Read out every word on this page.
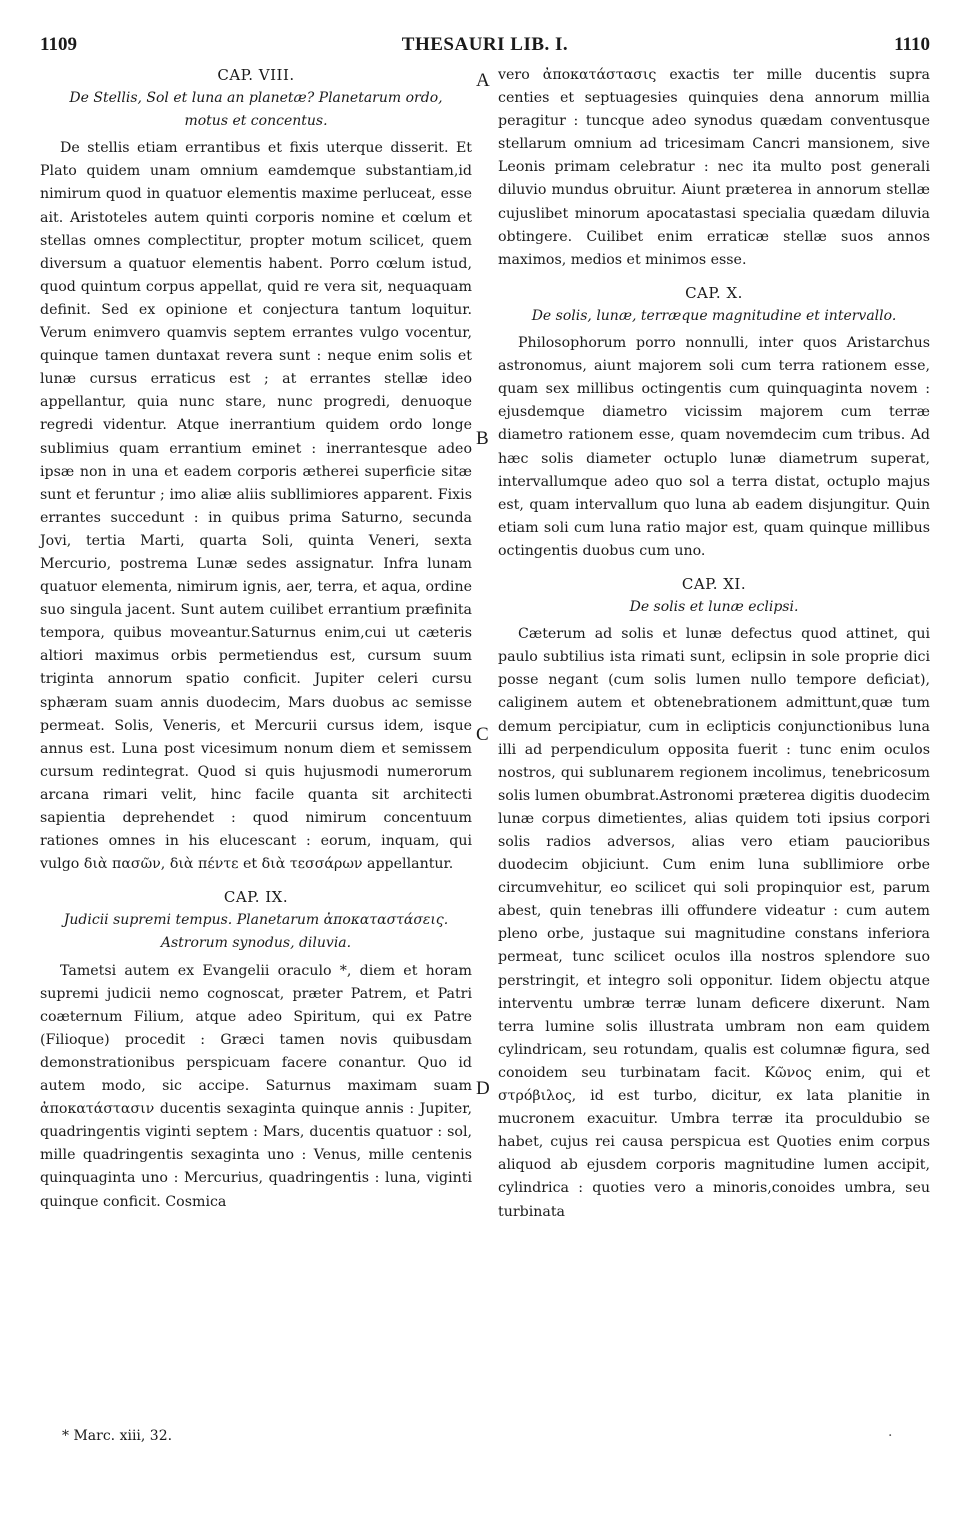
1109	THESAURI LIB. I.	1110

CAP. VIII.

De Stellis, Sol et luna an planetæ? Planetarum ordo, motus et concentus.

De stellis etiam errantibus et fixis uterque disserit. Et Plato quidem unam omnium eamdemque substantiam,id nimirum quod in quatuor elementis maxime perluceat, esse ait. Aristoteles autem quinti corporis nomine et cœlum et stellas omnes complectitur, propter motum scilicet, quem diversum a quatuor elementis habent. Porro cœlum istud, quod quintum corpus appellat, quid re vera sit, nequaquam definit. Sed ex opinione et conjectura tantum loquitur. Verum enimvero quamvis septem errantes vulgo vocentur, quinque tamen duntaxat revera sunt : neque enim solis et lunæ cursus erraticus est ; at errantes stellæ ideo appellantur, quia nunc stare, nunc progredi, denuoque regredi videntur. Atque inerrantium quidem ordo longe sublimius quam errantium eminet : inerrantesque adeo ipsæ non in una et eadem corporis ætherei superficie sitæ sunt et feruntur ; imo aliæ aliis subllimiores apparent. Fixis errantes succedunt : in quibus prima Saturno, secunda Jovi, tertia Marti, quarta Soli, quinta Veneri, sexta Mercurio, postrema Lunæ sedes assignatur. Infra lunam quatuor elementa, nimirum ignis, aer, terra, et aqua, ordine suo singula jacent. Sunt autem cuilibet errantium præfinita tempora, quibus moveantur.Saturnus enim,cui ut cæteris altiori maximus orbis permetiendus est, cursum suum triginta annorum spatio conficit. Jupiter celeri cursu sphæram suam annis duodecim, Mars duobus ac semisse permeat. Solis, Veneris, et Mercurii cursus idem, isque annus est. Luna post vicesimum nonum diem et semissem cursum redintegrat. Quod si quis hujusmodi numerorum arcana rimari velit, hinc facile quanta sit architecti sapientia deprehendet : quod nimirum concentuum rationes omnes in his elucescant : eorum, inquam, qui vulgo διὰ πασῶν, διὰ πέντε et διὰ τεσσάρων appellantur.

CAP. IX.

Judicii supremi tempus. Planetarum ἀποκαταστάσεις. Astrorum synodus, diluvia.

Tametsi autem ex Evangelii oraculo *, diem et horam supremi judicii nemo cognoscat, præter Patrem, et Patri coæternum Filium, atque adeo Spiritum, qui ex Patre (Filioque) procedit : Græci tamen novis quibusdam demonstrationibus perspicuam facere conantur. Quo id autem modo, sic accipe. Saturnus maximam suam ἀποκατάστασιν ducentis sexaginta quinque annis : Jupiter, quadringentis viginti septem : Mars, ducentis quatuor : sol, mille quadringentis sexaginta uno : Venus, mille centenis quinquaginta uno : Mercurius, quadringentis : luna, viginti quinque conficit. Cosmica

A
B
C
D

vero ἀποκατάστασις exactis ter mille ducentis supra centies et septuagesies quinquies dena annorum millia peragitur : tuncque adeo synodus quædam conventusque stellarum omnium ad tricesimam Cancri mansionem, sive Leonis primam celebratur : nec ita multo post generali diluvio mundus obruitur. Aiunt præterea in annorum stellæ cujuslibet minorum apocatastasi specialia quædam diluvia obtingere. Cuilibet enim erraticæ stellæ suos annos maximos, medios et minimos esse.

CAP. X.

De solis, lunæ, terræque magnitudine et intervallo.

Philosophorum porro nonnulli, inter quos Aristarchus astronomus, aiunt majorem soli cum terra rationem esse, quam sex millibus octingentis cum quinquaginta novem : ejusdemque diametro vicissim majorem cum terræ diametro rationem esse, quam novemdecim cum tribus. Ad hæc solis diameter octuplo lunæ diametrum superat, intervallumque adeo quo sol a terra distat, octuplo majus est, quam intervallum quo luna ab eadem disjungitur. Quin etiam soli cum luna ratio major est, quam quinque millibus octingentis duobus cum uno.

CAP. XI.

De solis et lunæ eclipsi.

Cæterum ad solis et lunæ defectus quod attinet, qui paulo subtilius ista rimati sunt, eclipsin in sole proprie dici posse negant (cum solis lumen nullo tempore deficiat), caliginem autem et obtenebrationem admittunt,quæ tum demum percipiatur, cum in eclipticis conjunctionibus luna illi ad perpendiculum opposita fuerit : tunc enim oculos nostros, qui sublunarem regionem incolimus, tenebricosum solis lumen obumbrat.Astronomi præterea digitis duodecim lunæ corpus dimetientes, alias quidem toti ipsius corpori solis radios adversos, alias vero etiam paucioribus duodecim objiciunt. Cum enim luna subllimiore orbe circumvehitur, eo scilicet qui soli propinquior est, parum abest, quin tenebras illi offundere videatur : cum autem pleno orbe, justaque sui magnitudine constans inferiora permeat, tunc scilicet oculos illa nostros splendore suo perstringit, et integro soli opponitur. Iidem objectu atque interventu umbræ terræ lunam deficere dixerunt. Nam terra lumine solis illustrata umbram non eam quidem cylindricam, seu rotundam, qualis est columnæ figura, sed conoidem seu turbinatam facit. Κῶνος enim, qui et στρόβιλος, id est turbo, dicitur, ex lata planitie in mucronem exacuitur. Umbra terræ ita proculdubio se habet, cujus rei causa perspicua est Quoties enim corpus aliquod ab ejusdem corporis magnitudine lumen accipit, cylindrica : quoties vero a minoris,conoides umbra, seu turbinata

* Marc. xiii, 32.	·
